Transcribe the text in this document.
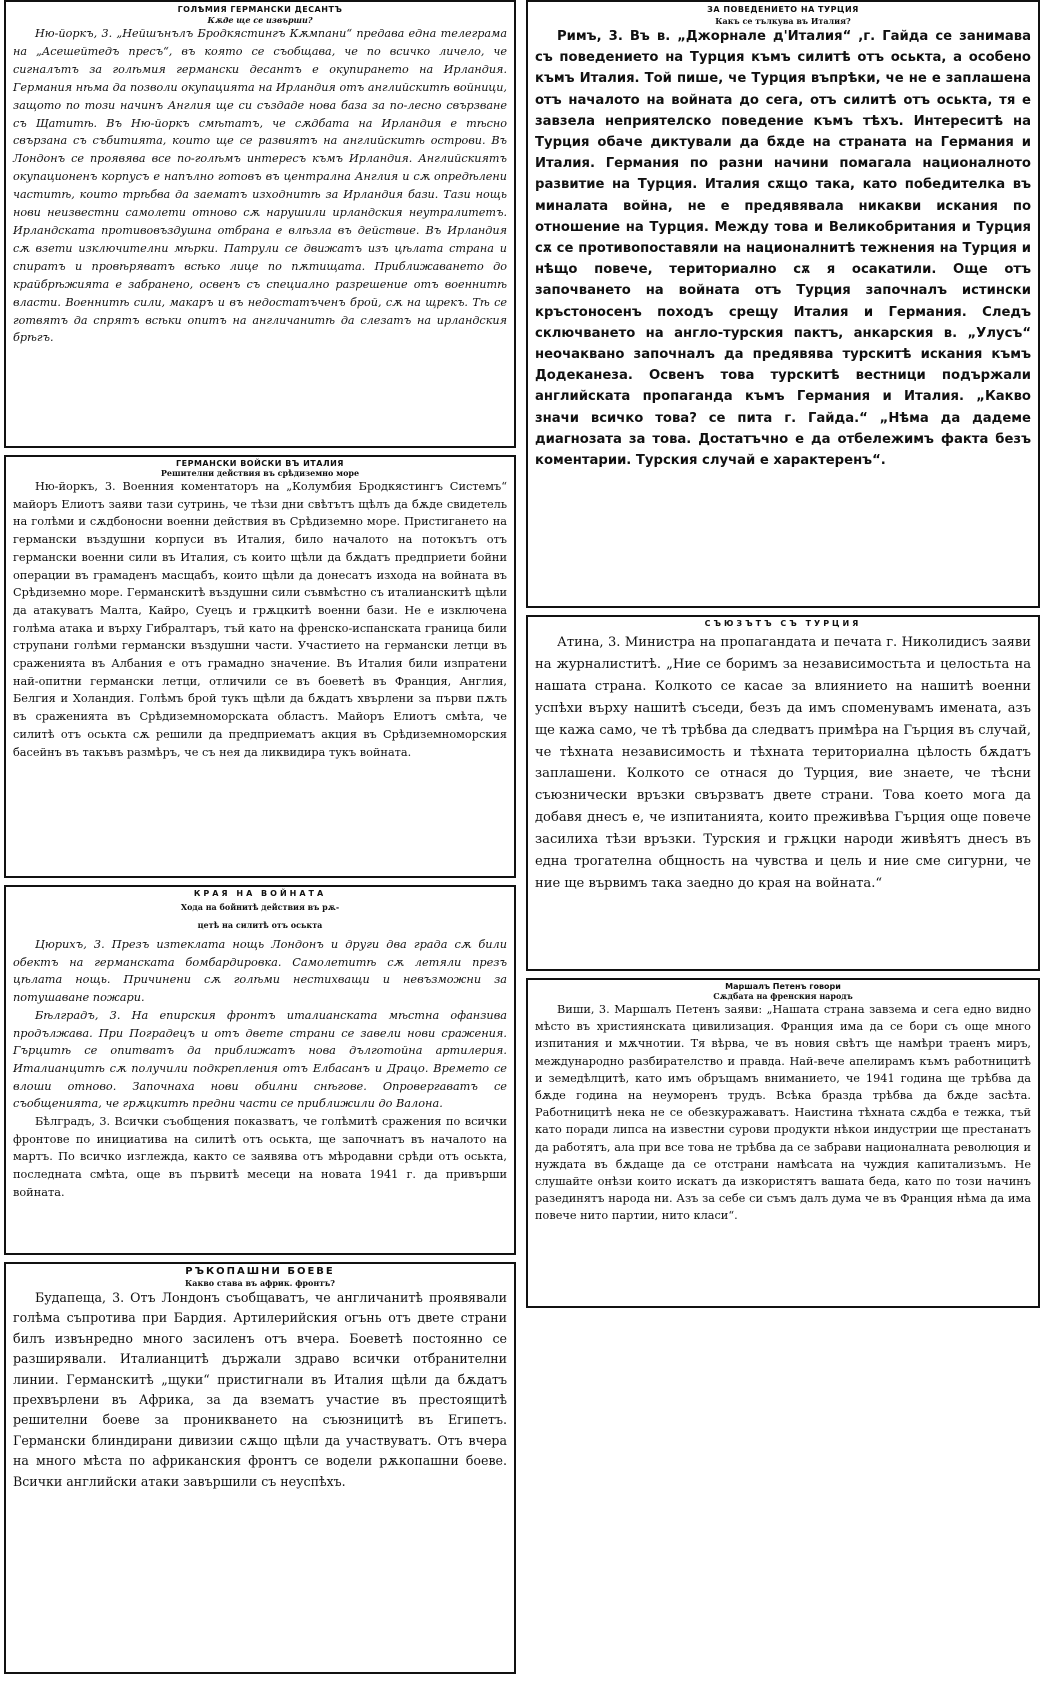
ГОЛѢМИЯ ГЕРМАНСКИ ДЕСАНТЪ
Кѫде ще се извърши?

Ню-йоркъ, 3. „Нейшънълъ Бродкястингъ Кѫмпани“ предава една телеграма на „Асешейтедъ пресъ“, въ която се съобщава, че по всичко личело, че сигналътъ за голѣмия германски десантъ е окупирането на Ирландия. Германия нѣма да позволи окупацията на Ирландия отъ английскитѣ войници, защото по този начинъ Англия ще си създаде нова база за по-лесно свързване съ Щатитѣ. Въ Ню-йоркъ смѣтатъ, че сѫдбата на Ирландия е тѣсно свързана съ събитията, които ще се развиятъ на английскитѣ острови. Въ Лондонъ се проявява все по-голѣмъ интересъ къмъ Ирландия. Английскиятъ окупационенъ корпусъ е напълно готовъ въ централна Англия и сѫ опредѣлени частитѣ, които трѣбва да заематъ изходнитѣ за Ирландия бази. Тази нощь нови неизвестни самолети отново сѫ нарушили ирландския неутралитетъ. Ирландската противовъздушна отбрана е влѣзла въ действие. Въ Ирландия сѫ взети изключителни мѣрки. Патрули се движатъ изъ цѣлата страна и спиратъ и провѣряватъ всѣко лице по пѫтищата. Приближаването до крайбрѣжията е забранено, освенъ съ специално разрешение отъ военнитѣ власти. Военнитѣ сили, макаръ и въ недостатъченъ брой, сѫ на щрекъ. Тѣ се готвятъ да спрятъ всѣки опитъ на англичанитѣ да слезатъ на ирландския брѣгъ.

ГЕРМАНСКИ ВОЙСКИ ВЪ ИТАЛИЯ
Решителни действия въ срѣдиземно море

Ню-йоркъ, 3. Военния коментаторъ на „Колумбия Бродкястингъ Системъ“ майоръ Елиотъ заяви тази сутринь, че тѣзи дни свѣтътъ щѣлъ да бѫде свидетель на голѣми и сѫдбоносни военни действия въ Срѣдиземно море. Пристигането на германски въздушни корпуси въ Италия, било началото на потокътъ отъ германски военни сили въ Италия, съ които щѣли да бѫдатъ предприети бойни операции въ грамаденъ масщабъ, които щѣли да донесатъ изхода на войната въ Срѣдиземно море. Германскитѣ въздушни сили съвмѣстно съ италианскитѣ щѣли да атакуватъ Малта, Кайро, Суецъ и грѫцкитѣ военни бази. Не е изключена голѣма атака и върху Гибралтаръ, тъй като на френско-испанската граница били струпани голѣми германски въздушни части. Участието на германски летци въ сраженията въ Албания е отъ грамадно значение. Въ Италия били изпратени най-опитни германски летци, отличили се въ боеветѣ въ Франция, Англия, Белгия и Холандия. Голѣмъ брой тукъ щѣли да бѫдатъ хвърлени за първи пѫть въ сраженията въ Срѣдиземноморската областъ. Майоръ Елиотъ смѣта, че силитѣ отъ оськта сѫ решили да предприематъ акция въ Срѣдиземноморския басейнъ въ такъвъ размѣръ, че съ нея да ликвидира тукъ войната.

КРАЯ НА ВОЙНАТА
Хода на бойнитѣ действия въ рѫ-
цетѣ на силитѣ отъ оськта

Цюрихъ, 3. Презъ изтеклата нощь Лондонъ и други два града сѫ били обектъ на германската бомбардировка. Самолетитѣ сѫ летяли презъ цѣлата нощь. Причинени сѫ голѣми нестихващи и невъзможни за потушаване пожари.

Бѣлградъ, 3. На епирския фронтъ италианската мѣстна офанзива продължава. При Поградецъ и отъ двете страни се завели нови сражения. Гърцитѣ се опитватъ да приближатъ нова дълготойна артилерия. Италианцитѣ сѫ получили подкрепления отъ Елбасанъ и Драцо. Времето се влоши отново. Започнаха нови обилни снѣгове. Опровергаватъ се съобщенията, че грѫцкитѣ предни части се приближили до Валона.

Бѣлградъ, 3. Всички съобщения показватъ, че голѣмитѣ сражения по всички фронтове по инициатива на силитѣ отъ оськта, ще започнатъ въ началото на мартъ. По всичко изглежда, както се заявява отъ мѣродавни срѣди отъ оськта, последната смѣта, още въ първитѣ месеци на новата 1941 г. да привърши войната.

РЪКОПАШНИ БОЕВЕ
Какво става въ африк. фронтъ?

Будапеща, 3. Отъ Лондонъ съобщаватъ, че англичанитѣ проявявали голѣма съпротива при Бардия. Артилерийския огънь отъ двете страни билъ извънредно много засиленъ отъ вчера. Боеветѣ постоянно се разширявали. Италианцитѣ държали здраво всички отбранителни линии. Германскитѣ „щуки“ пристигнали въ Италия щѣли да бѫдатъ прехвърлени въ Африка, за да взематъ участие въ престоящитѣ решителни боеве за проникването на съюзницитѣ въ Египетъ. Германски блиндирани дивизии сѫщо щѣли да участвуватъ. Отъ вчера на много мѣста по африканския фронтъ се водели рѫкопашни боеве. Всички английски атаки завършили съ неуспѣхъ.

ЗА ПОВЕДЕНИЕТО НА ТУРЦИЯ
Какъ се тълкува въ Италия?

Римъ, 3. Въ в. „Джорнале д'Италия“ ,г. Гайда се занимава съ поведението на Турция къмъ силитѣ отъ оськта, а особено къмъ Италия. Той пише, че Турция въпрѣки, че не е заплашена отъ началото на войната до сега, отъ силитѣ отъ оськта, тя е завзела неприятелско поведение къмъ тѣхъ. Интереситѣ на Турция обаче диктували да бѫде на страната на Германия и Италия. Германия по разни начини помагала националното развитие на Турция. Италия сѫщо така, като победителка въ миналата война, не е предявявала никакви искания по отношение на Турция. Между това и Великобритания и Турция сѫ се противопоставяли на националнитѣ тежнения на Турция и нѣщо повече, териториално сѫ я осакатили. Още отъ започването на войната отъ Турция започналъ истински кръстоносенъ походъ срещу Италия и Германия. Следъ сключването на англо-турския пактъ, анкарския в. „Улусъ“ неочаквано започналъ да предявява турскитѣ искания къмъ Додеканеза. Освенъ това турскитѣ вестници подържали английската пропаганда къмъ Германия и Италия. „Какво значи всичко това? се пита г. Гайда.“ „Нѣма да дадеме диагнозата за това. Достатъчно е да отбележимъ факта безъ коментарии. Турския случай е характеренъ“.

СЪЮЗЪТЪ СЪ ТУРЦИЯ

Атина, 3. Министра на пропагандата и печата г. Николидисъ заяви на журналиститѣ. „Ние се боримъ за независимостьта и целостьта на нашата страна. Колкото се касае за влиянието на нашитѣ военни успѣхи върху нашитѣ съседи, безъ да имъ споменувамъ имената, азъ ще кажа само, че тѣ трѣбва да следватъ примѣра на Гърция въ случай, че тѣхната независимость и тѣхната териториална цѣлость бѫдатъ заплашени. Колкото се отнася до Турция, вие знаете, че тѣсни съюзнически връзки свързватъ двете страни. Това което мога да добавя днесъ е, че изпитанията, които преживѣва Гърция още повече засилиха тѣзи връзки. Турския и грѫцки народи живѣятъ днесъ въ една трогателна общность на чувства и цель и ние сме сигурни, че ние ще вървимъ така заедно до края на войната.“

Маршалъ Петенъ говори
Сѫдбата на френския народъ

Виши, 3. Маршалъ Петенъ заяви: „Нашата страна завзема и сега едно видно мѣсто въ християнската цивилизация. Франция има да се бори съ още много изпитания и мѫчнотии. Тя вѣрва, че въ новия свѣтъ ще намѣри траенъ миръ, международно разбирателство и правда. Най-вече апелирамъ къмъ работницитѣ и земедѣлцитѣ, като имъ обръщамъ вниманието, че 1941 година ще трѣбва да бѫде година на неуморенъ трудъ. Всѣка бразда трѣбва да бѫде засѣта. Работницитѣ нека не се обезкуражаватъ. Наистина тѣхната сѫдба е тежка, тъй като поради липса на известни сурови продукти нѣкои индустрии ще престанатъ да работятъ, ала при все това не трѣбва да се забрави националната революция и нуждата въ бѫдаще да се отстрани намѣсата на чуждия капитализъмъ. Не слушайте онѣзи които искатъ да изкористятъ вашата беда, като по този начинъ разединятъ народа ни. Азъ за себе си съмъ далъ дума че въ Франция нѣма да има повече нито партии, нито класи“.
